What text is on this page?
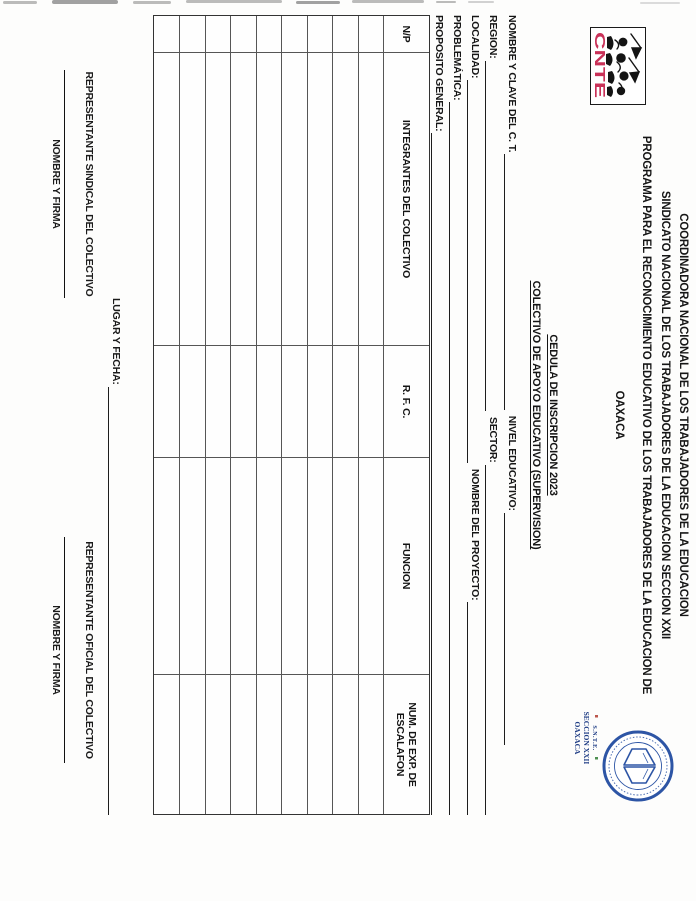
CNTE
COORDINADORA NACIONAL DE LOS TRABAJADORES DE LA EDUCACION
SINDICATO NACIONAL DE LOS TRABAJADORES DE LA EDUCACION SECCION XXII
PROGRAMA PARA EL RECONOCIMIENTO EDUCATIVO DE LOS TRABAJADORES DE LA EDUCACION DE
OAXACA
S.N.T.E.
SECCION XXII
OAXACA
CEDULA DE INSCRIPCION 2023
COLECTIVO DE APOYO EDUCATIVO (SUPERVISION)
NOMBRE Y CLAVE DEL C. T.
NIVEL EDUCATIVO:
REGION:
SECTOR:
LOCALIDAD:
NOMBRE DEL PROYECTO:
PROBLEMÁTICA:
PROPOSITO GENERAL:
N/P
INTEGRANTES DEL COLECTIVO
R. F. C.
FUNCION
NUM. DE EXP. DE ESCALAFON
LUGAR Y FECHA:
REPRESENTANTE SINDICAL DEL COLECTIVO
NOMBRE Y FIRMA
REPRESENTANTE OFICIAL DEL COLECTIVO
NOMBRE Y FIRMA
